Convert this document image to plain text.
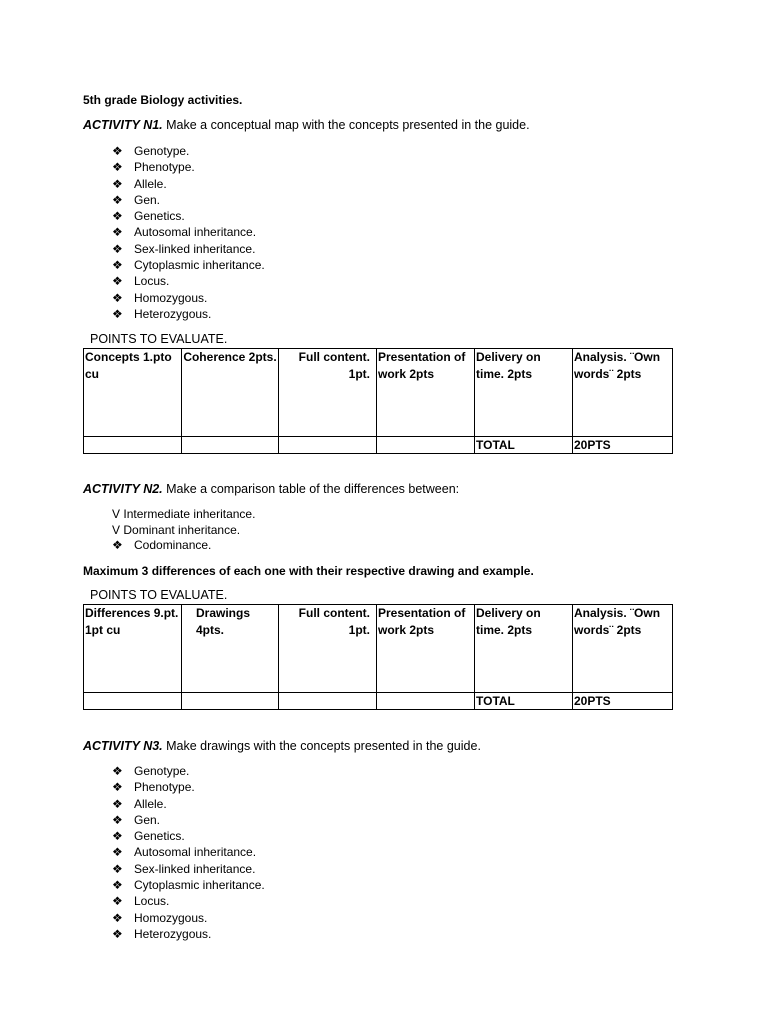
5th grade Biology activities.
ACTIVITY N1. Make a conceptual map with the concepts presented in the guide.
❖ Genotype.
❖ Phenotype.
❖ Allele.
❖ Gen.
❖ Genetics.
❖ Autosomal inheritance.
❖ Sex-linked inheritance.
❖ Cytoplasmic inheritance.
❖ Locus.
❖ Homozygous.
❖ Heterozygous.
POINTS TO EVALUATE.
Concepts 1.pto cu	Coherence 2pts.	Full content. 1pt.	Presentation of work 2pts	Delivery on time. 2pts	Analysis. ¨Own words¨ 2pts
				TOTAL	20PTS
ACTIVITY N2. Make a comparison table of the differences between:
V Intermediate inheritance.
V Dominant inheritance.
❖ Codominance.
Maximum 3 differences of each one with their respective drawing and example.
POINTS TO EVALUATE.
Differences 9.pt. 1pt cu	Drawings 4pts.	Full content. 1pt.	Presentation of work 2pts	Delivery on time. 2pts	Analysis. ¨Own words¨ 2pts
				TOTAL	20PTS
ACTIVITY N3. Make drawings with the concepts presented in the guide.
❖ Genotype.
❖ Phenotype.
❖ Allele.
❖ Gen.
❖ Genetics.
❖ Autosomal inheritance.
❖ Sex-linked inheritance.
❖ Cytoplasmic inheritance.
❖ Locus.
❖ Homozygous.
❖ Heterozygous.
